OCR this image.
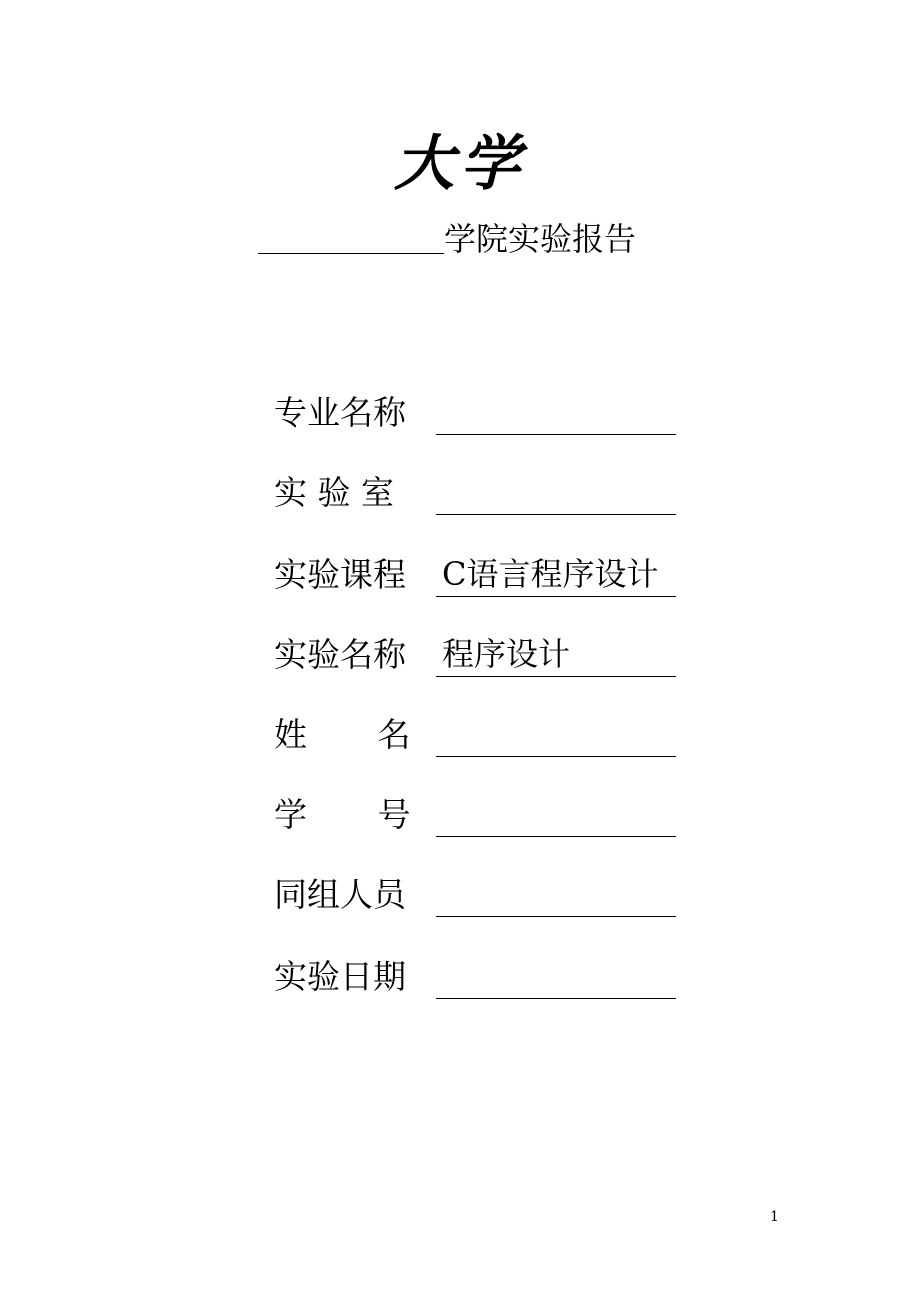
大学
学院实验报告
专业名称
实 验 室
实验课程 C语言程序设计
实验名称 程序设计
姓 名
学 号
同组人员
实验日期
1
